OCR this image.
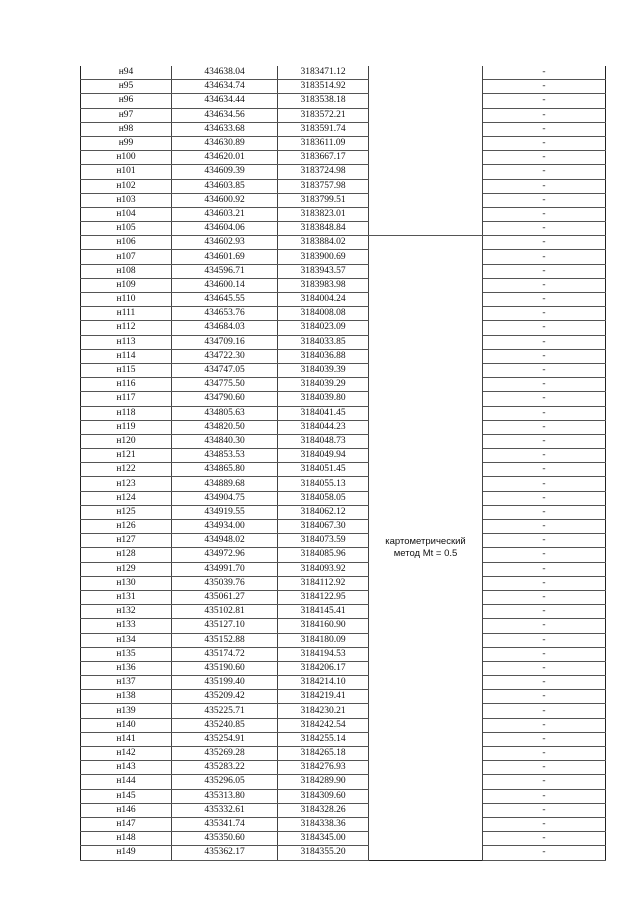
н94	434638.04	3183471.12		-
н95	434634.74	3183514.92		-
н96	434634.44	3183538.18		-
н97	434634.56	3183572.21		-
н98	434633.68	3183591.74		-
н99	434630.89	3183611.09		-
н100	434620.01	3183667.17		-
н101	434609.39	3183724.98		-
н102	434603.85	3183757.98		-
н103	434600.92	3183799.51		-
н104	434603.21	3183823.01		-
н105	434604.06	3183848.84		-
н106	434602.93	3183884.02	картометрический
метод Mt = 0.5	-
н107	434601.69	3183900.69		-
н108	434596.71	3183943.57		-
н109	434600.14	3183983.98		-
н110	434645.55	3184004.24		-
н111	434653.76	3184008.08		-
н112	434684.03	3184023.09		-
н113	434709.16	3184033.85		-
н114	434722.30	3184036.88		-
н115	434747.05	3184039.39		-
н116	434775.50	3184039.29		-
н117	434790.60	3184039.80		-
н118	434805.63	3184041.45		-
н119	434820.50	3184044.23		-
н120	434840.30	3184048.73		-
н121	434853.53	3184049.94		-
н122	434865.80	3184051.45		-
н123	434889.68	3184055.13		-
н124	434904.75	3184058.05		-
н125	434919.55	3184062.12		-
н126	434934.00	3184067.30		-
н127	434948.02	3184073.59		-
н128	434972.96	3184085.96		-
н129	434991.70	3184093.92		-
н130	435039.76	3184112.92		-
н131	435061.27	3184122.95		-
н132	435102.81	3184145.41		-
н133	435127.10	3184160.90		-
н134	435152.88	3184180.09		-
н135	435174.72	3184194.53		-
н136	435190.60	3184206.17		-
н137	435199.40	3184214.10		-
н138	435209.42	3184219.41		-
н139	435225.71	3184230.21		-
н140	435240.85	3184242.54		-
н141	435254.91	3184255.14		-
н142	435269.28	3184265.18		-
н143	435283.22	3184276.93		-
н144	435296.05	3184289.90		-
н145	435313.80	3184309.60		-
н146	435332.61	3184328.26		-
н147	435341.74	3184338.36		-
н148	435350.60	3184345.00		-
н149	435362.17	3184355.20		-
